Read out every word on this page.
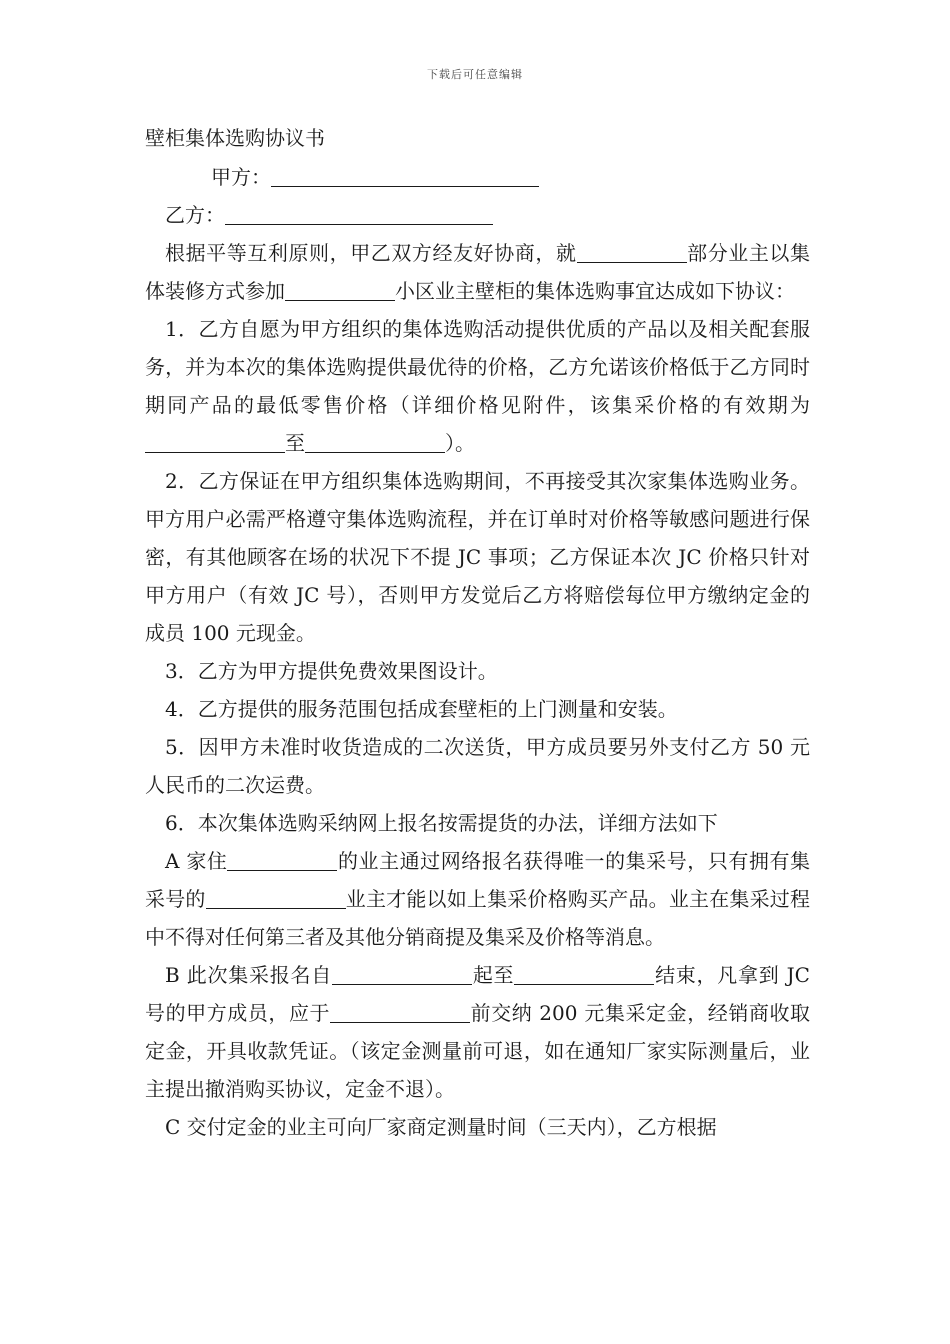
下载后可任意编辑

壁柜集体选购协议书

甲方：

乙方：

根据平等互利原则，甲乙双方经友好协商，就	部分业主以集体装修方式参加	小区业主壁柜的集体选购事宜达成如下协议：

1．乙方自愿为甲方组织的集体选购活动提供优质的产品以及相关配套服务，并为本次的集体选购提供最优待的价格，乙方允诺该价格低于乙方同时期同产品的最低零售价格（详细价格见附件，该集采价格的有效期为至	）。

2．乙方保证在甲方组织集体选购期间，不再接受其次家集体选购业务。甲方用户必需严格遵守集体选购流程，并在订单时对价格等敏感问题进行保密，有其他顾客在场的状况下不提 JC 事项；乙方保证本次 JC 价格只针对甲方用户（有效 JC 号），否则甲方发觉后乙方将赔偿每位甲方缴纳定金的成员 100 元现金。

3．乙方为甲方提供免费效果图设计。

4．乙方提供的服务范围包括成套壁柜的上门测量和安装。

5．因甲方未准时收货造成的二次送货，甲方成员要另外支付乙方 50 元人民币的二次运费。

6．本次集体选购采纳网上报名按需提货的办法，详细方法如下

A 家住	的业主通过网络报名获得唯一的集采号，只有拥有集采号的	业主才能以如上集采价格购买产品。业主在集采过程中不得对任何第三者及其他分销商提及集采及价格等消息。

B 此次集采报名自	起至	结束，凡拿到 JC 号的甲方成员，应于	前交纳 200 元集采定金，经销商收取定金，开具收款凭证。（该定金测量前可退，如在通知厂家实际测量后，业主提出撤消购买协议，定金不退）。

C 交付定金的业主可向厂家商定测量时间（三天内），乙方根据
